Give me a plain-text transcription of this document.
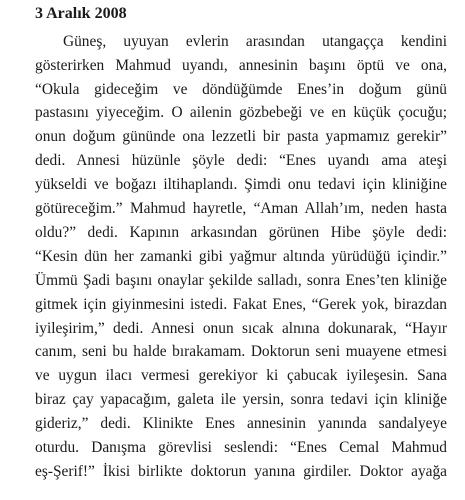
3 Aralık 2008
Güneş, uyuyan evlerin arasından utangaçça kendini
gösterirken Mahmud uyandı, annesinin başını öptü ve ona,
“Okula gideceğim ve döndüğümde Enes’in doğum günü
pastasını yiyeceğim. O ailenin gözbebeği ve en küçük çocuğu;
onun doğum gününde ona lezzetli bir pasta yapmamız gerekir”
dedi. Annesi hüzünle şöyle dedi: “Enes uyandı ama ateşi
yükseldi ve boğazı iltihaplandı. Şimdi onu tedavi için kliniğine
götüreceğim.” Mahmud hayretle, “Aman Allah’ım, neden hasta
oldu?” dedi. Kapının arkasından görünen Hibe şöyle dedi:
“Kesin dün her zamanki gibi yağmur altında yürüdüğü içindir.”
Ümmü Şadi başını onaylar şekilde salladı, sonra Enes’ten kliniğe
gitmek için giyinmesini istedi. Fakat Enes, “Gerek yok, birazdan
iyileşirim,” dedi. Annesi onun sıcak alnına dokunarak, “Hayır
canım, seni bu halde bırakamam. Doktorun seni muayene etmesi
ve uygun ilacı vermesi gerekiyor ki çabucak iyileşesin. Sana
biraz çay yapacağım, galeta ile yersin, sonra tedavi için kliniğe
gideriz,” dedi. Klinikte Enes annesinin yanında sandalyeye
oturdu. Danışma görevlisi seslendi: “Enes Cemal Mahmud
eş-Şerif!” İkisi birlikte doktorun yanına girdiler. Doktor ayağa
